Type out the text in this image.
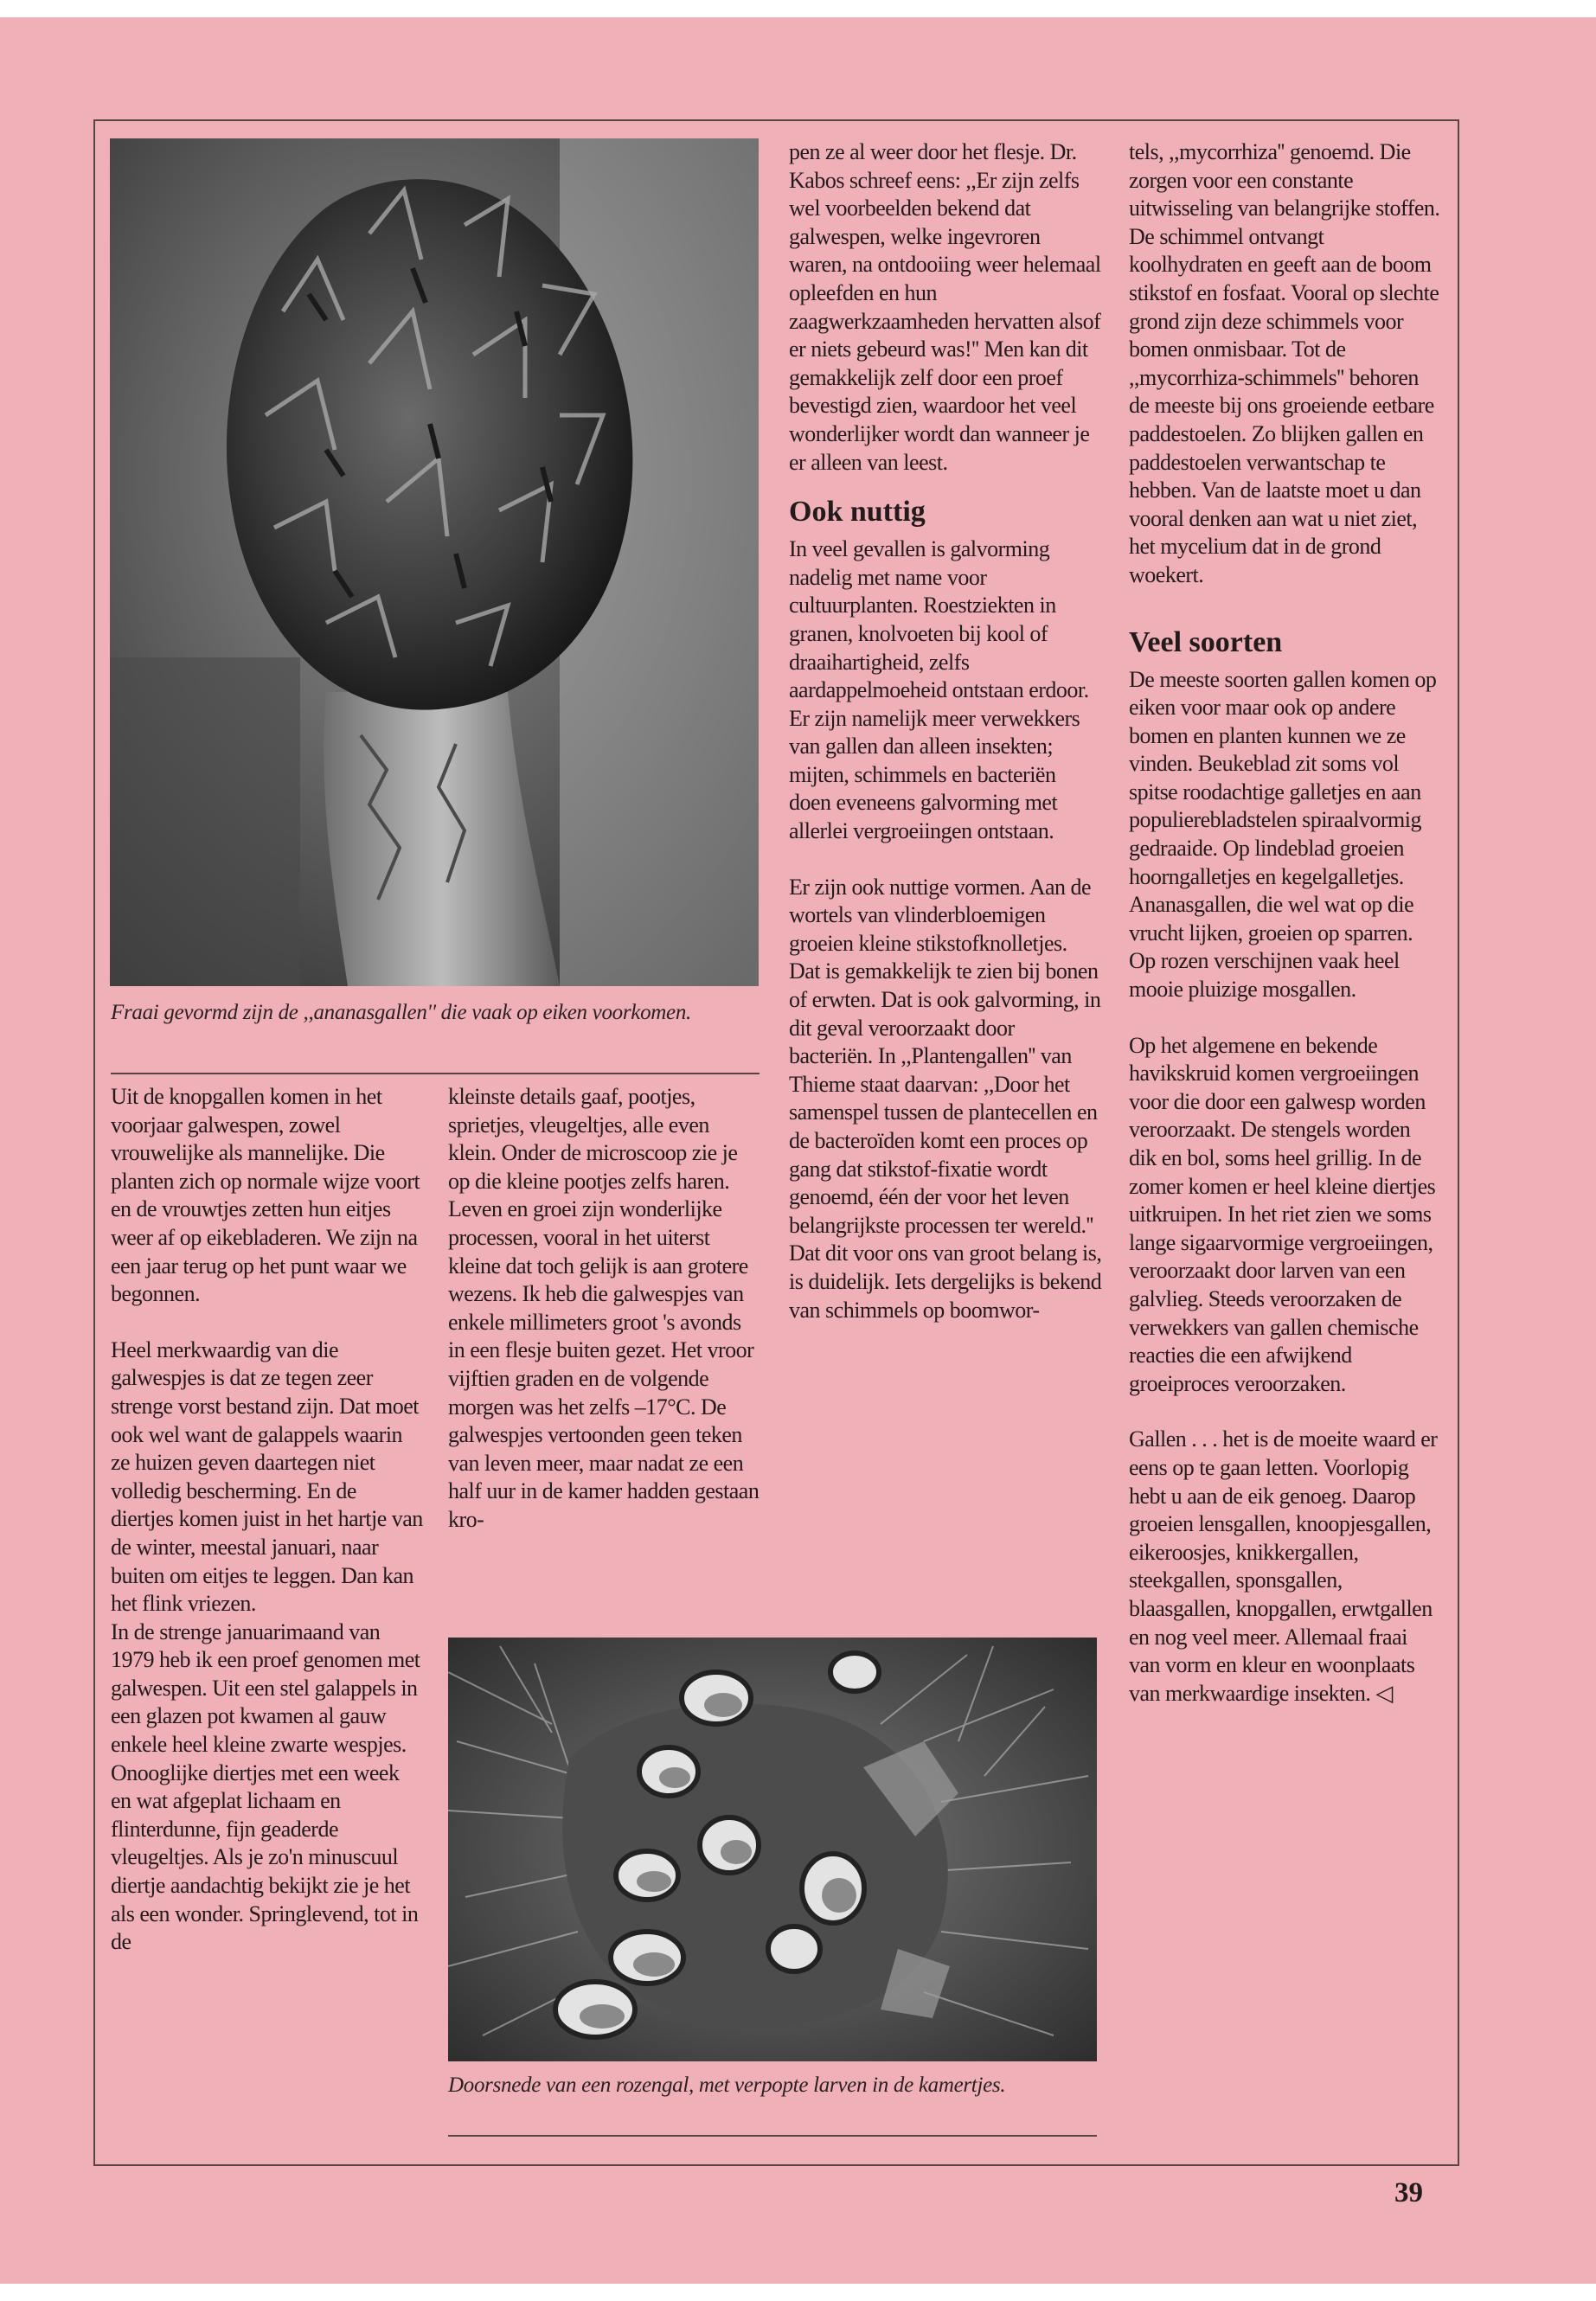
Fraai gevormd zijn de ,,ananasgallen'' die vaak op eiken voorkomen.

Uit de knopgallen komen in het voorjaar galwespen, zowel vrouwelijke als mannelijke. Die planten zich op normale wijze voort en de vrouwtjes zetten hun eitjes weer af op eikebladeren. We zijn na een jaar terug op het punt waar we begonnen.

Heel merkwaardig van die galwespjes is dat ze tegen zeer strenge vorst bestand zijn. Dat moet ook wel want de galappels waarin ze huizen geven daartegen niet volledig bescherming. En de diertjes komen juist in het hartje van de winter, meestal januari, naar buiten om eitjes te leggen. Dan kan het flink vriezen.
In de strenge januarimaand van 1979 heb ik een proef genomen met galwespen. Uit een stel galappels in een glazen pot kwamen al gauw enkele heel kleine zwarte wespjes. Onooglijke diertjes met een week en wat afgeplat lichaam en flinterdunne, fijn geaderde vleugeltjes. Als je zo'n minuscuul diertje aandachtig bekijkt zie je het als een wonder. Springlevend, tot in de

kleinste details gaaf, pootjes, sprietjes, vleugeltjes, alle even klein. Onder de microscoop zie je op die kleine pootjes zelfs haren. Leven en groei zijn wonderlijke processen, vooral in het uiterst kleine dat toch gelijk is aan grotere wezens. Ik heb die galwespjes van enkele millimeters groot 's avonds in een flesje buiten gezet. Het vroor vijftien graden en de volgende morgen was het zelfs –17°C. De galwespjes vertoonden geen teken van leven meer, maar nadat ze een half uur in de kamer hadden gestaan kro-

pen ze al weer door het flesje. Dr. Kabos schreef eens: ,,Er zijn zelfs wel voorbeelden bekend dat galwespen, welke ingevroren waren, na ontdooiing weer helemaal opleefden en hun zaagwerkzaamheden hervatten alsof er niets gebeurd was!'' Men kan dit gemakkelijk zelf door een proef bevestigd zien, waardoor het veel wonderlijker wordt dan wanneer je er alleen van leest.

Ook nuttig

In veel gevallen is galvorming nadelig met name voor cultuurplanten. Roestziekten in granen, knolvoeten bij kool of draaihartigheid, zelfs aardappelmoeheid ontstaan erdoor. Er zijn namelijk meer verwekkers van gallen dan alleen insekten; mijten, schimmels en bacteriën doen eveneens galvorming met allerlei vergroeiingen ontstaan.

Er zijn ook nuttige vormen. Aan de wortels van vlinderbloemigen groeien kleine stikstofknolletjes. Dat is gemakkelijk te zien bij bonen of erwten. Dat is ook galvorming, in dit geval veroorzaakt door bacteriën. In ,,Plantengallen'' van Thieme staat daarvan: ,,Door het samenspel tussen de plantecellen en de bacteroïden komt een proces op gang dat stikstof-fixatie wordt genoemd, één der voor het leven belangrijkste processen ter wereld.''
Dat dit voor ons van groot belang is, is duidelijk. Iets dergelijks is bekend van schimmels op boomwor-

Doorsnede van een rozengal, met verpopte larven in de kamertjes.

tels, ,,mycorrhiza'' genoemd. Die zorgen voor een constante uitwisseling van belangrijke stoffen. De schimmel ontvangt koolhydraten en geeft aan de boom stikstof en fosfaat. Vooral op slechte grond zijn deze schimmels voor bomen onmisbaar. Tot de ,,mycorrhiza-schimmels'' behoren de meeste bij ons groeiende eetbare paddestoelen. Zo blijken gallen en paddestoelen verwantschap te hebben. Van de laatste moet u dan vooral denken aan wat u niet ziet, het mycelium dat in de grond woekert.

Veel soorten

De meeste soorten gallen komen op eiken voor maar ook op andere bomen en planten kunnen we ze vinden. Beukeblad zit soms vol spitse roodachtige galletjes en aan populierebladstelen spiraalvormig gedraaide. Op lindeblad groeien hoorngalletjes en kegelgalletjes. Ananasgallen, die wel wat op die vrucht lijken, groeien op sparren. Op rozen verschijnen vaak heel mooie pluizige mosgallen.

Op het algemene en bekende havikskruid komen vergroeiingen voor die door een galwesp worden veroorzaakt. De stengels worden dik en bol, soms heel grillig. In de zomer komen er heel kleine diertjes uitkruipen. In het riet zien we soms lange sigaarvormige vergroeiingen, veroorzaakt door larven van een galvlieg. Steeds veroorzaken de verwekkers van gallen chemische reacties die een afwijkend groeiproces veroorzaken.

Gallen . . . het is de moeite waard er eens op te gaan letten. Voorlopig hebt u aan de eik genoeg. Daarop groeien lensgallen, knoopjesgallen, eikeroosjes, knikkergallen, steekgallen, sponsgallen, blaasgallen, knopgallen, erwtgallen en nog veel meer. Allemaal fraai van vorm en kleur en woonplaats van merkwaardige insekten. ◁

39
